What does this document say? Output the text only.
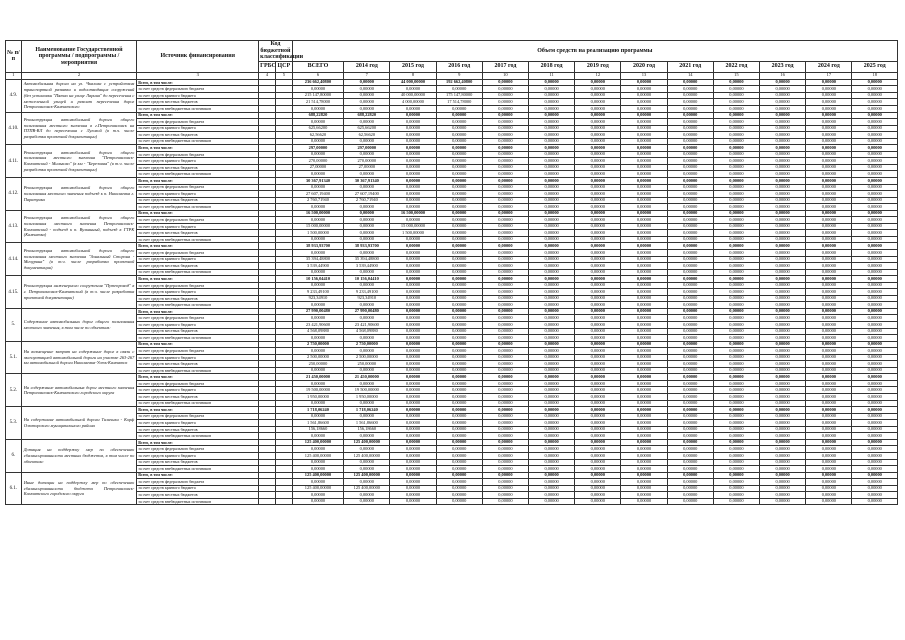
№ п/п	Наименование Государственной программы / подпрограммы / мероприятия	Источник финансирования	Код бюджетной классификации		Объем средств на реализацию программы												
			ГРБС	ЦСР	ВСЕГО	2014 год	2015 год	2016 год	2017 год	2018 год	2019 год	2020 год	2021 год	2022 год	2023 год	2024 год	2025 год
1	2	3	4	5	6	7	8	9	10	11	12	13	14	15	16	17	18
4.9.	Автомобильная дорога на ул. Чкалова с устройством транспортной развязки и водоотводящих сооружений (без установки "Пятно на улице Ларина" до пересечения с межселенной улицей и ремонт пересечения дорог Петропавловск-Камчатского	Всего, в том числе:			236 662,40800	0,00000	44 000,00000	192 662,40800	0,00000	0,00000	0,00000	0,00000	0,00000	0,00000	0,00000	0,00000	0,00000
		за счет средств федерального бюджета			0,00000	0,00000	0,00000	0,00000	0,00000	0,00000	0,00000	0,00000	0,00000	0,00000	0,00000	0,00000	0,00000
		за счет средств краевого бюджета			215 147,80000	0,00000	40 000,00000	175 147,80000	0,00000	0,00000	0,00000	0,00000	0,00000	0,00000	0,00000	0,00000	0,00000
		за счет средств местных бюджетов			21 514,78000	0,00000	4 000,00000	17 514,78000	0,00000	0,00000	0,00000	0,00000	0,00000	0,00000	0,00000	0,00000	0,00000
		за счет средств внебюджетных источников			0,00000	0,00000	0,00000	0,00000	0,00000	0,00000	0,00000	0,00000	0,00000	0,00000	0,00000	0,00000	0,00000
4.10.	Реконструкция автомобильной дороги общего пользования местного значения в г.Петропавловск на ПТПВ-ВЛ до пересечения с Луговой (в т.ч. числе разработка проектной документации)	Всего, в том числе:			688,22820	688,22820	0,00000	0,00000	0,00000	0,00000	0,00000	0,00000	0,00000	0,00000	0,00000	0,00000	0,00000
		за счет средств федерального бюджета			0,00000	0,00000	0,00000	0,00000	0,00000	0,00000	0,00000	0,00000	0,00000	0,00000	0,00000	0,00000	0,00000
		за счет средств краевого бюджета			625,66200	625,66200	0,00000	0,00000	0,00000	0,00000	0,00000	0,00000	0,00000	0,00000	0,00000	0,00000	0,00000
		за счет средств местных бюджетов			62,56620	62,56620	0,00000	0,00000	0,00000	0,00000	0,00000	0,00000	0,00000	0,00000	0,00000	0,00000	0,00000
		за счет средств внебюджетных источников			0,00000	0,00000	0,00000	0,00000	0,00000	0,00000	0,00000	0,00000	0,00000	0,00000	0,00000	0,00000	0,00000
4.11.	Реконструкция автомобильной дороги общего пользования местного значения "Петропавловск-Камчатский - Мильково" (в км - "Березовая" (в т.ч. числе разработка проектной документации)	Всего, в том числе:			297,00000	297,00000	0,00000	0,00000	0,00000	0,00000	0,00000	0,00000	0,00000	0,00000	0,00000	0,00000	0,00000
		за счет средств федерального бюджета			0,00000	0,00000	0,00000	0,00000	0,00000	0,00000	0,00000	0,00000	0,00000	0,00000	0,00000	0,00000	0,00000
		за счет средств краевого бюджета			270,00000	270,00000	0,00000	0,00000	0,00000	0,00000	0,00000	0,00000	0,00000	0,00000	0,00000	0,00000	0,00000
		за счет средств местных бюджетов			27,00000	27,00000	0,00000	0,00000	0,00000	0,00000	0,00000	0,00000	0,00000	0,00000	0,00000	0,00000	0,00000
		за счет средств внебюджетных источников			0,00000	0,00000	0,00000	0,00000	0,00000	0,00000	0,00000	0,00000	0,00000	0,00000	0,00000	0,00000	0,00000
4.12.	Реконструкция автомобильной дороги общего пользования местного значения подъезд к п. Николаевка г. Паратунка	Всего, в том числе:			30 367,91340	30 367,91340	0,00000	0,00000	0,00000	0,00000	0,00000	0,00000	0,00000	0,00000	0,00000	0,00000	0,00000
		за счет средств федерального бюджета			0,00000	0,00000	0,00000	0,00000	0,00000	0,00000	0,00000	0,00000	0,00000	0,00000	0,00000	0,00000	0,00000
		за счет средств краевого бюджета			27 607,19400	27 607,19400	0,00000	0,00000	0,00000	0,00000	0,00000	0,00000	0,00000	0,00000	0,00000	0,00000	0,00000
		за счет средств местных бюджетов			2 760,71940	2 760,71940	0,00000	0,00000	0,00000	0,00000	0,00000	0,00000	0,00000	0,00000	0,00000	0,00000	0,00000
		за счет средств внебюджетных источников			0,00000	0,00000	0,00000	0,00000	0,00000	0,00000	0,00000	0,00000	0,00000	0,00000	0,00000	0,00000	0,00000
4.13.	Реконструкция автомобильной дороги общего пользования местного значения Петропавловск-Камчатский - подъезд к п. Вулканный, подъезд к ГТРК (Камчатка)	Всего, в том числе:			16 500,00000	0,00000	16 500,00000	0,00000	0,00000	0,00000	0,00000	0,00000	0,00000	0,00000	0,00000	0,00000	0,00000
		за счет средств федерального бюджета			0,00000	0,00000	0,00000	0,00000	0,00000	0,00000	0,00000	0,00000	0,00000	0,00000	0,00000	0,00000	0,00000
		за счет средств краевого бюджета			15 000,00000	0,00000	15 000,00000	0,00000	0,00000	0,00000	0,00000	0,00000	0,00000	0,00000	0,00000	0,00000	0,00000
		за счет средств местных бюджетов			1 500,00000	0,00000	1 500,00000	0,00000	0,00000	0,00000	0,00000	0,00000	0,00000	0,00000	0,00000	0,00000	0,00000
		за счет средств внебюджетных источников			0,00000	0,00000	0,00000	0,00000	0,00000	0,00000	0,00000	0,00000	0,00000	0,00000	0,00000	0,00000	0,00000
4.14.	Реконструкция автомобильной дороги общего пользования местного значения "Зональный Сторона - Мичурина" (в т.ч. числе разработка проектной документации)	Всего, в том числе:			38 933,93700	38 933,93700	0,00000	0,00000	0,00000	0,00000	0,00000	0,00000	0,00000	0,00000	0,00000	0,00000	0,00000
		за счет средств федерального бюджета			0,00000	0,00000	0,00000	0,00000	0,00000	0,00000	0,00000	0,00000	0,00000	0,00000	0,00000	0,00000	0,00000
		за счет средств краевого бюджета			35 394,48800	35 394,48800	0,00000	0,00000	0,00000	0,00000	0,00000	0,00000	0,00000	0,00000	0,00000	0,00000	0,00000
		за счет средств местных бюджетов			3 539,44900	3 539,44900	0,00000	0,00000	0,00000	0,00000	0,00000	0,00000	0,00000	0,00000	0,00000	0,00000	0,00000
		за счет средств внебюджетных источников			0,00000	0,00000	0,00000	0,00000	0,00000	0,00000	0,00000	0,00000	0,00000	0,00000	0,00000	0,00000	0,00000
4.15.	Реконструкция инженерного сооружения "Путепровод" в г. Петропавловск-Камчатский (в т.ч. числе разработка проектной документации)	Всего, в том числе:			10 156,04410	10 156,04410	0,00000	0,00000	0,00000	0,00000	0,00000	0,00000	0,00000	0,00000	0,00000	0,00000	0,00000
		за счет средств федерального бюджета			0,00000	0,00000	0,00000	0,00000	0,00000	0,00000	0,00000	0,00000	0,00000	0,00000	0,00000	0,00000	0,00000
		за счет средств краевого бюджета			9 233,49100	9 233,49100	0,00000	0,00000	0,00000	0,00000	0,00000	0,00000	0,00000	0,00000	0,00000	0,00000	0,00000
		за счет средств местных бюджетов			923,34910	923,34910	0,00000	0,00000	0,00000	0,00000	0,00000	0,00000	0,00000	0,00000	0,00000	0,00000	0,00000
		за счет средств внебюджетных источников			0,00000	0,00000	0,00000	0,00000	0,00000	0,00000	0,00000	0,00000	0,00000	0,00000	0,00000	0,00000	0,00000
5.	Содержание автомобильных дорог общего пользования местного значения, в том числе по объектам:	Всего, в том числе:			27 990,00480	27 990,00480	0,00000	0,00000	0,00000	0,00000	0,00000	0,00000	0,00000	0,00000	0,00000	0,00000	0,00000
		за счет средств федерального бюджета			0,00000	0,00000	0,00000	0,00000	0,00000	0,00000	0,00000	0,00000	0,00000	0,00000	0,00000	0,00000	0,00000
		за счет средств краевого бюджета			23 421,90600	23 421,90600	0,00000	0,00000	0,00000	0,00000	0,00000	0,00000	0,00000	0,00000	0,00000	0,00000	0,00000
		за счет средств местных бюджетов			4 568,09880	4 568,09880	0,00000	0,00000	0,00000	0,00000	0,00000	0,00000	0,00000	0,00000	0,00000	0,00000	0,00000
		за счет средств внебюджетных источников			0,00000	0,00000	0,00000	0,00000	0,00000	0,00000	0,00000	0,00000	0,00000	0,00000	0,00000	0,00000	0,00000
5.1.	На возмещение затрат на содержание дорог в связи с эксплуатацией автомобильной дороги на участке 263-267 км автомобильной дороги Николаевка-Усть-Камчатск	Всего, в том числе:			2 750,00000	2 750,00000	0,00000	0,00000	0,00000	0,00000	0,00000	0,00000	0,00000	0,00000	0,00000	0,00000	0,00000
		за счет средств федерального бюджета			0,00000	0,00000	0,00000	0,00000	0,00000	0,00000	0,00000	0,00000	0,00000	0,00000	0,00000	0,00000	0,00000
		за счет средств краевого бюджета			2 500,00000	2 500,00000	0,00000	0,00000	0,00000	0,00000	0,00000	0,00000	0,00000	0,00000	0,00000	0,00000	0,00000
		за счет средств местных бюджетов			250,00000	250,00000	0,00000	0,00000	0,00000	0,00000	0,00000	0,00000	0,00000	0,00000	0,00000	0,00000	0,00000
		за счет средств внебюджетных источников			0,00000	0,00000	0,00000	0,00000	0,00000	0,00000	0,00000	0,00000	0,00000	0,00000	0,00000	0,00000	0,00000
5.2.	На содержание автомобильных дорог местного значения Петропавловск-Камчатского городского округа	Всего, в том числе:			21 450,00000	21 450,00000	0,00000	0,00000	0,00000	0,00000	0,00000	0,00000	0,00000	0,00000	0,00000	0,00000	0,00000
		за счет средств федерального бюджета			0,00000	0,00000	0,00000	0,00000	0,00000	0,00000	0,00000	0,00000	0,00000	0,00000	0,00000	0,00000	0,00000
		за счет средств краевого бюджета			19 500,00000	19 500,00000	0,00000	0,00000	0,00000	0,00000	0,00000	0,00000	0,00000	0,00000	0,00000	0,00000	0,00000
		за счет средств местных бюджетов			1 950,00000	1 950,00000	0,00000	0,00000	0,00000	0,00000	0,00000	0,00000	0,00000	0,00000	0,00000	0,00000	0,00000
		за счет средств внебюджетных источников			0,00000	0,00000	0,00000	0,00000	0,00000	0,00000	0,00000	0,00000	0,00000	0,00000	0,00000	0,00000	0,00000
5.3.	На содержание автомобильной дороги Тиличики - Корф Олюторского муниципального района	Всего, в том числе:			1 718,06240	1 718,06240	0,00000	0,00000	0,00000	0,00000	0,00000	0,00000	0,00000	0,00000	0,00000	0,00000	0,00000
		за счет средств федерального бюджета			0,00000	0,00000	0,00000	0,00000	0,00000	0,00000	0,00000	0,00000	0,00000	0,00000	0,00000	0,00000	0,00000
		за счет средств краевого бюджета			1 561,86600	1 561,86600	0,00000	0,00000	0,00000	0,00000	0,00000	0,00000	0,00000	0,00000	0,00000	0,00000	0,00000
		за счет средств местных бюджетов			156,18660	156,18660	0,00000	0,00000	0,00000	0,00000	0,00000	0,00000	0,00000	0,00000	0,00000	0,00000	0,00000
		за счет средств внебюджетных источников			0,00000	0,00000	0,00000	0,00000	0,00000	0,00000	0,00000	0,00000	0,00000	0,00000	0,00000	0,00000	0,00000
6.	Дотация на поддержку мер по обеспечению сбалансированности местных бюджетов, в том числе по объектам:	Всего, в том числе:			125 400,00000	125 400,00000	0,00000	0,00000	0,00000	0,00000	0,00000	0,00000	0,00000	0,00000	0,00000	0,00000	0,00000
		за счет средств федерального бюджета			0,00000	0,00000	0,00000	0,00000	0,00000	0,00000	0,00000	0,00000	0,00000	0,00000	0,00000	0,00000	0,00000
		за счет средств краевого бюджета			125 400,00000	125 400,00000	0,00000	0,00000	0,00000	0,00000	0,00000	0,00000	0,00000	0,00000	0,00000	0,00000	0,00000
		за счет средств местных бюджетов			0,00000	0,00000	0,00000	0,00000	0,00000	0,00000	0,00000	0,00000	0,00000	0,00000	0,00000	0,00000	0,00000
		за счет средств внебюджетных источников			0,00000	0,00000	0,00000	0,00000	0,00000	0,00000	0,00000	0,00000	0,00000	0,00000	0,00000	0,00000	0,00000
6.1.	Иные дотации на поддержку мер по обеспечению сбалансированности бюджета Петропавловск-Камчатского городского округа	Всего, в том числе:			125 400,00000	125 400,00000	0,00000	0,00000	0,00000	0,00000	0,00000	0,00000	0,00000	0,00000	0,00000	0,00000	0,00000
		за счет средств федерального бюджета			0,00000	0,00000	0,00000	0,00000	0,00000	0,00000	0,00000	0,00000	0,00000	0,00000	0,00000	0,00000	0,00000
		за счет средств краевого бюджета			125 400,00000	125 400,00000	0,00000	0,00000	0,00000	0,00000	0,00000	0,00000	0,00000	0,00000	0,00000	0,00000	0,00000
		за счет средств местных бюджетов			0,00000	0,00000	0,00000	0,00000	0,00000	0,00000	0,00000	0,00000	0,00000	0,00000	0,00000	0,00000	0,00000
		за счет средств внебюджетных источников			0,00000	0,00000	0,00000	0,00000	0,00000	0,00000	0,00000	0,00000	0,00000	0,00000	0,00000	0,00000	0,00000
